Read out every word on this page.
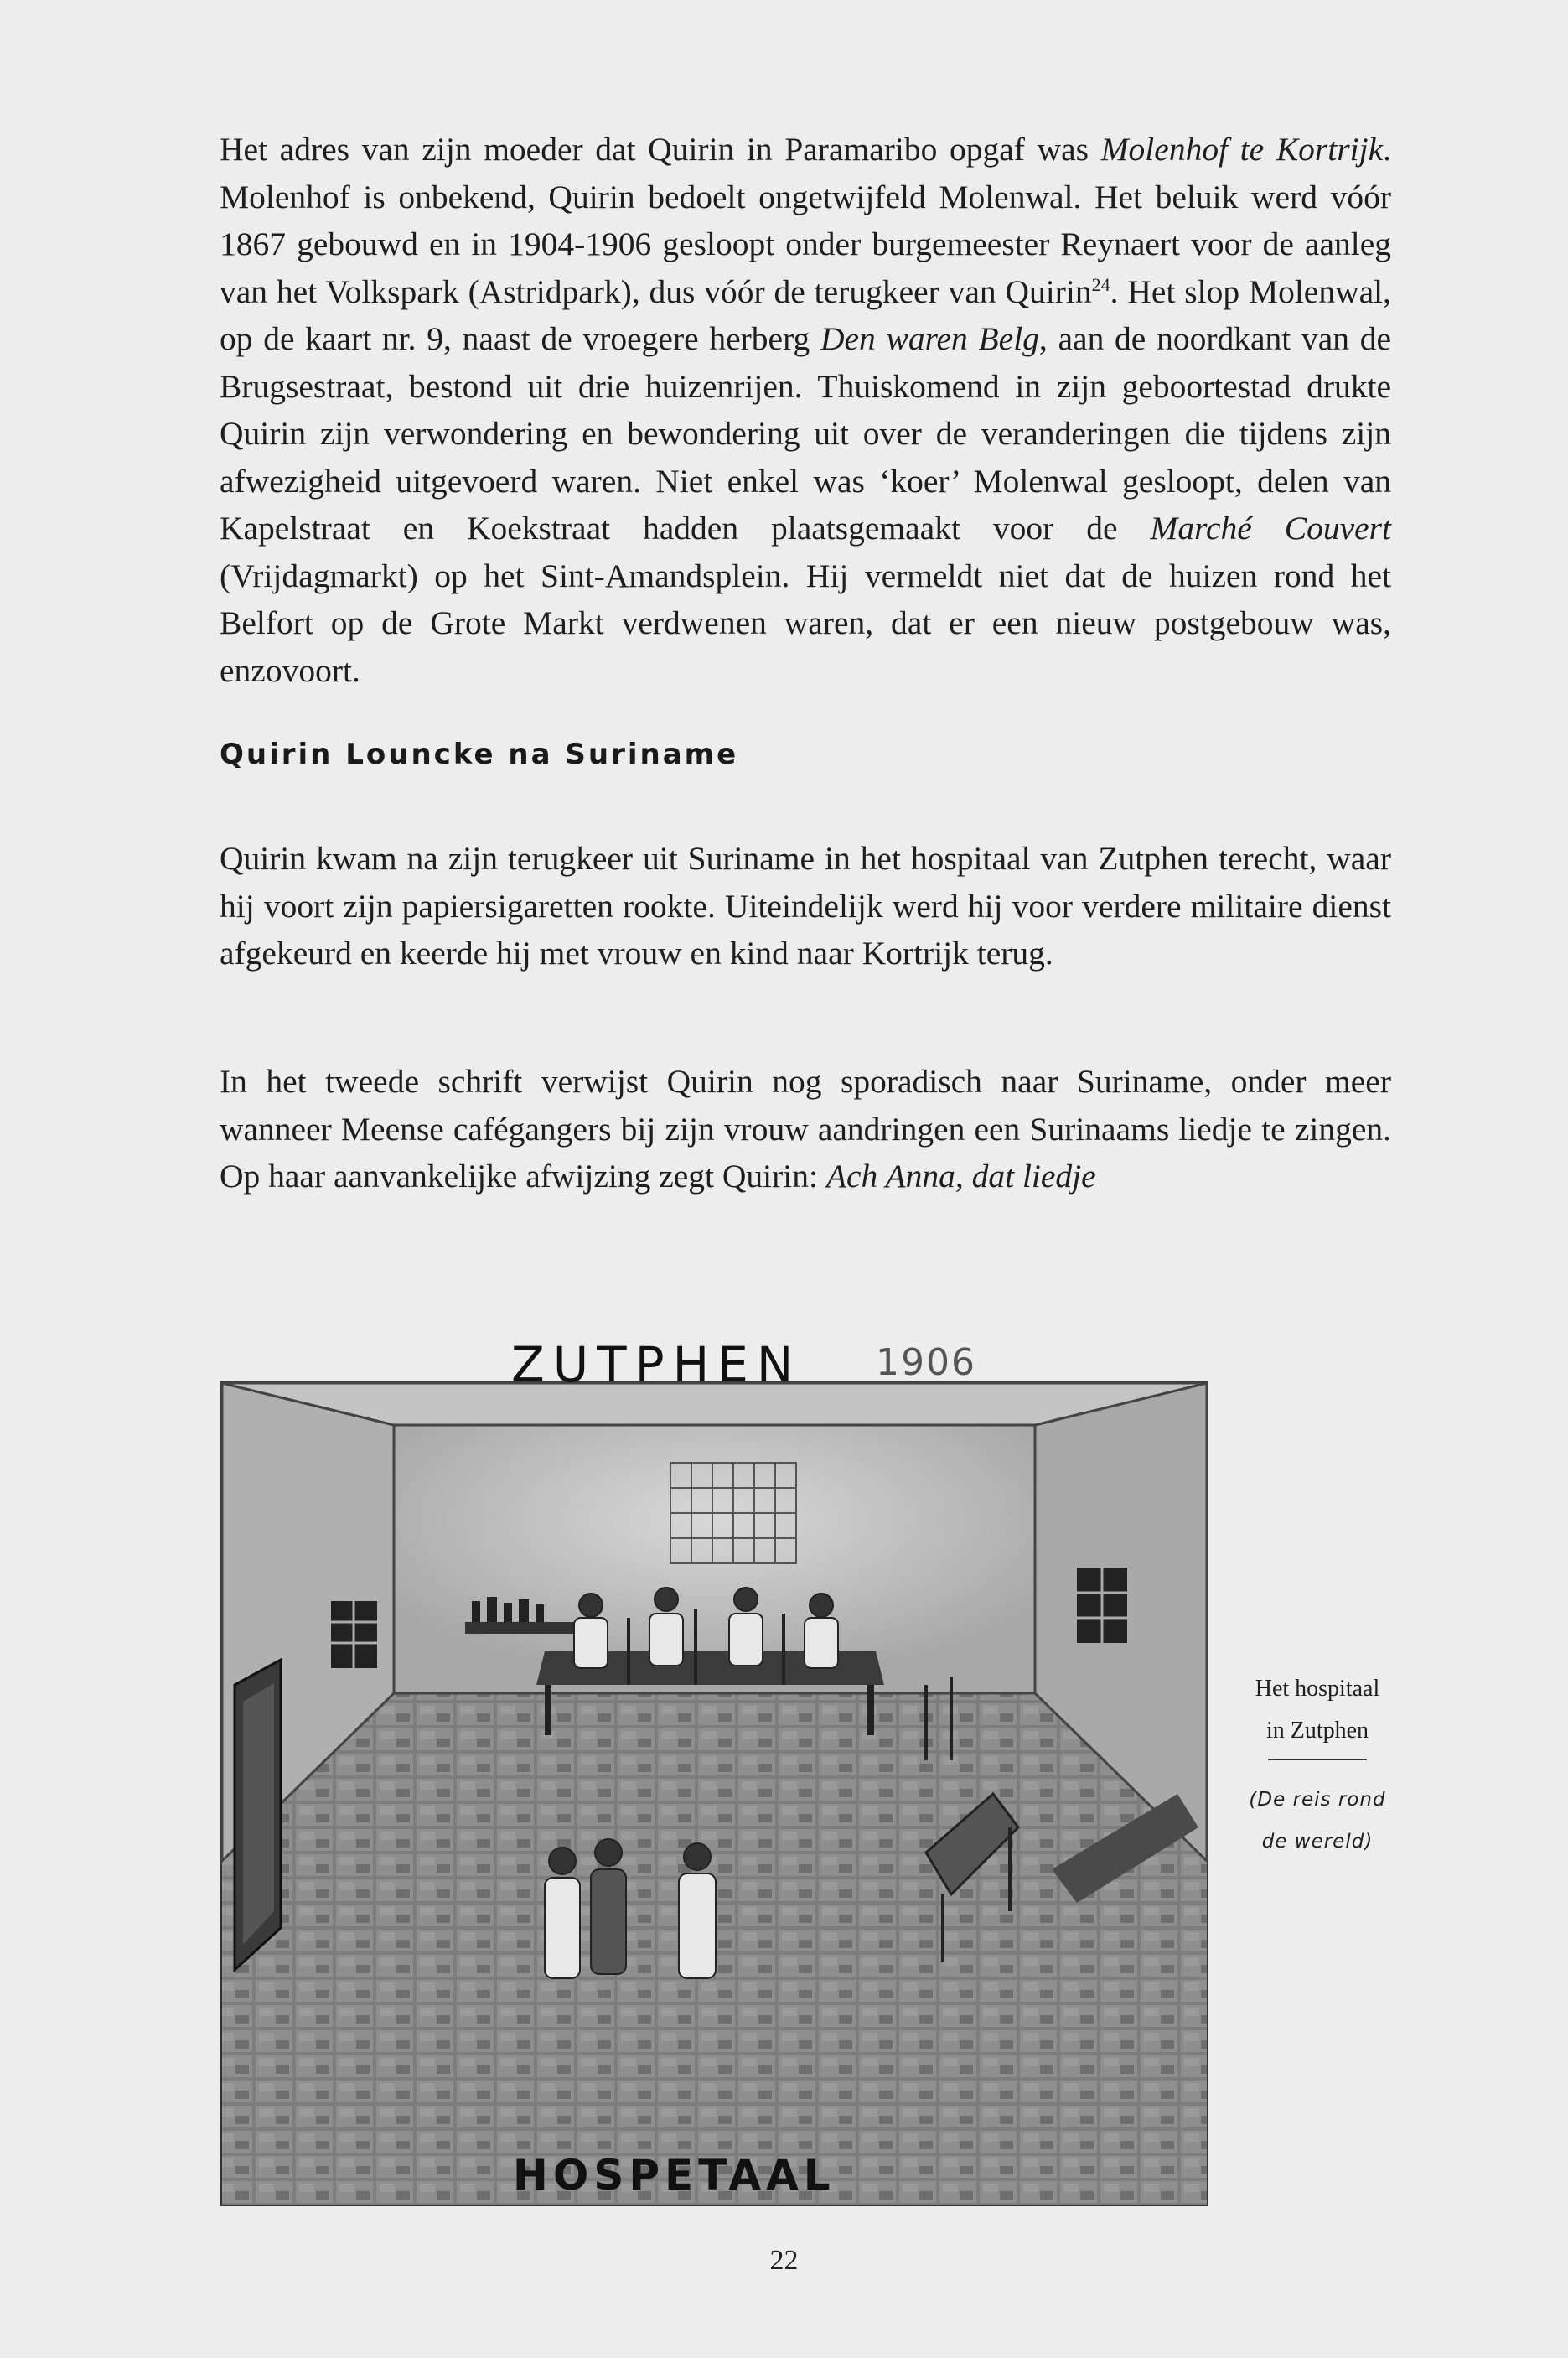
Het adres van zijn moeder dat Quirin in Paramaribo opgaf was Molenhof te Kortrijk. Molenhof is onbekend, Quirin bedoelt ongetwijfeld Molenwal. Het beluik werd vóór 1867 gebouwd en in 1904-1906 gesloopt onder burgemeester Reynaert voor de aanleg van het Volkspark (Astridpark), dus vóór de terugkeer van Quirin$^{24}$. Het slop Molenwal, op de kaart nr. 9, naast de vroegere herberg Den waren Belg, aan de noordkant van de Brugsestraat, bestond uit drie huizenrijen. Thuiskomend in zijn geboortestad drukte Quirin zijn verwondering en bewondering uit over de veranderingen die tijdens zijn afwezigheid uitgevoerd waren. Niet enkel was ‘koer’ Molenwal gesloopt, delen van Kapelstraat en Koekstraat hadden plaatsgemaakt voor de Marché Couvert (Vrijdagmarkt) op het Sint-Amandsplein. Hij vermeldt niet dat de huizen rond het Belfort op de Grote Markt verdwenen waren, dat er een nieuw postgebouw was, enzovoort.

Quirin Louncke na Suriname

Quirin kwam na zijn terugkeer uit Suriname in het hospitaal van Zutphen terecht, waar hij voort zijn papiersigaretten rookte. Uiteindelijk werd hij voor verdere militaire dienst afgekeurd en keerde hij met vrouw en kind naar Kortrijk terug.

In het tweede schrift verwijst Quirin nog sporadisch naar Suriname, onder meer wanneer Meense cafégangers bij zijn vrouw aandringen een Surinaams liedje te zingen. Op haar aanvankelijke afwijzing zegt Quirin: Ach Anna, dat liedje

ZUTPHEN 1906

HOSPETAAL

Het hospitaal
in Zutphen
(De reis rond
de wereld)

22
